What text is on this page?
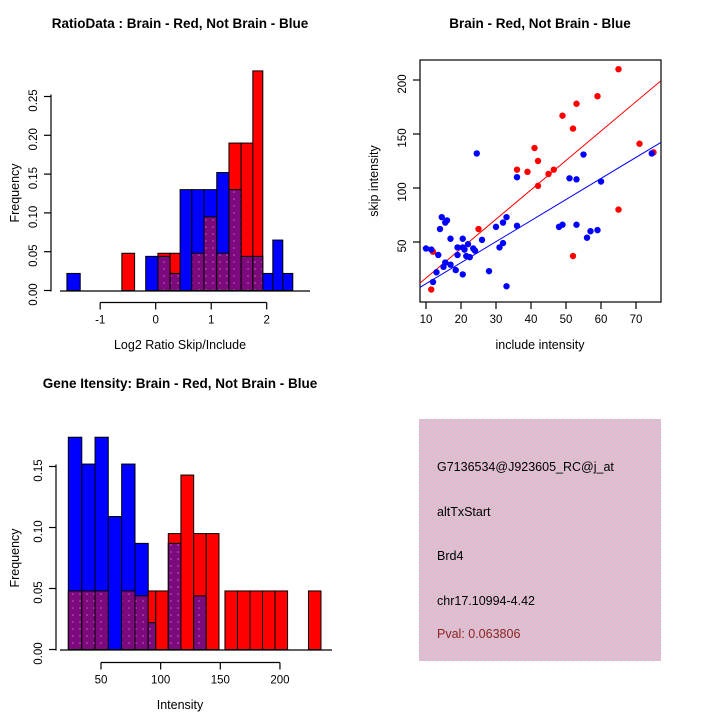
RatioData : Brain - Red, Not Brain - Blue
0.00
0.05
0.10
0.15
0.20
0.25
-1	0	1	2
Log2 Ratio Skip/Include
Frequency
Brain - Red, Not Brain - Blue
10 20 30 40 50 60 70
50
100
150
200
include intensity
skip intensity
Gene Itensity: Brain - Red, Not Brain - Blue
0.00
0.05
0.10
0.15
50	100	150	200
Intensity
Frequency
G7136534@J923605_RC@j_at
altTxStart
Brd4
chr17.10994-4.42
Pval: 0.063806
